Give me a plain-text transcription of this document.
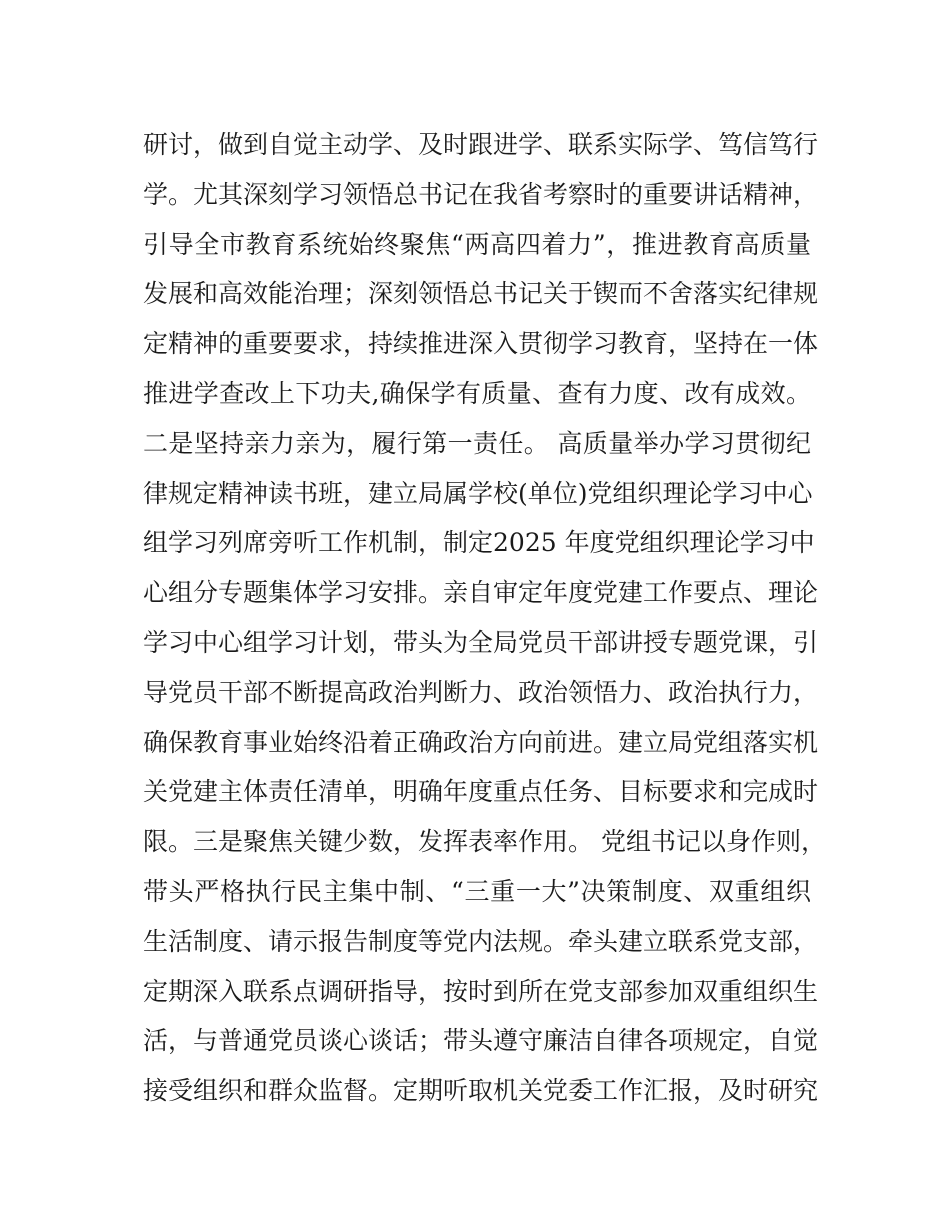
研讨，做到自觉主动学、及时跟进学、联系实际学、笃信笃行
学。尤其深刻学习领悟总书记在我省考察时的重要讲话精神，
引导全市教育系统始终聚焦“两高四着力”，推进教育高质量
发展和高效能治理；深刻领悟总书记关于锲而不舍落实纪律规
定精神的重要要求，持续推进深入贯彻学习教育，坚持在一体
推进学查改上下功夫,确保学有质量、查有力度、改有成效。
二是坚持亲力亲为，履行第一责任。 高质量举办学习贯彻纪
律规定精神读书班，建立局属学校(单位)党组织理论学习中心
组学习列席旁听工作机制，制定2025 年度党组织理论学习中
心组分专题集体学习安排。亲自审定年度党建工作要点、理论
学习中心组学习计划，带头为全局党员干部讲授专题党课，引
导党员干部不断提高政治判断力、政治领悟力、政治执行力，
确保教育事业始终沿着正确政治方向前进。建立局党组落实机
关党建主体责任清单，明确年度重点任务、目标要求和完成时
限。三是聚焦关键少数，发挥表率作用。 党组书记以身作则，
带头严格执行民主集中制、“三重一大”决策制度、双重组织
生活制度、请示报告制度等党内法规。牵头建立联系党支部，
定期深入联系点调研指导，按时到所在党支部参加双重组织生
活，与普通党员谈心谈话；带头遵守廉洁自律各项规定，自觉
接受组织和群众监督。定期听取机关党委工作汇报，及时研究
